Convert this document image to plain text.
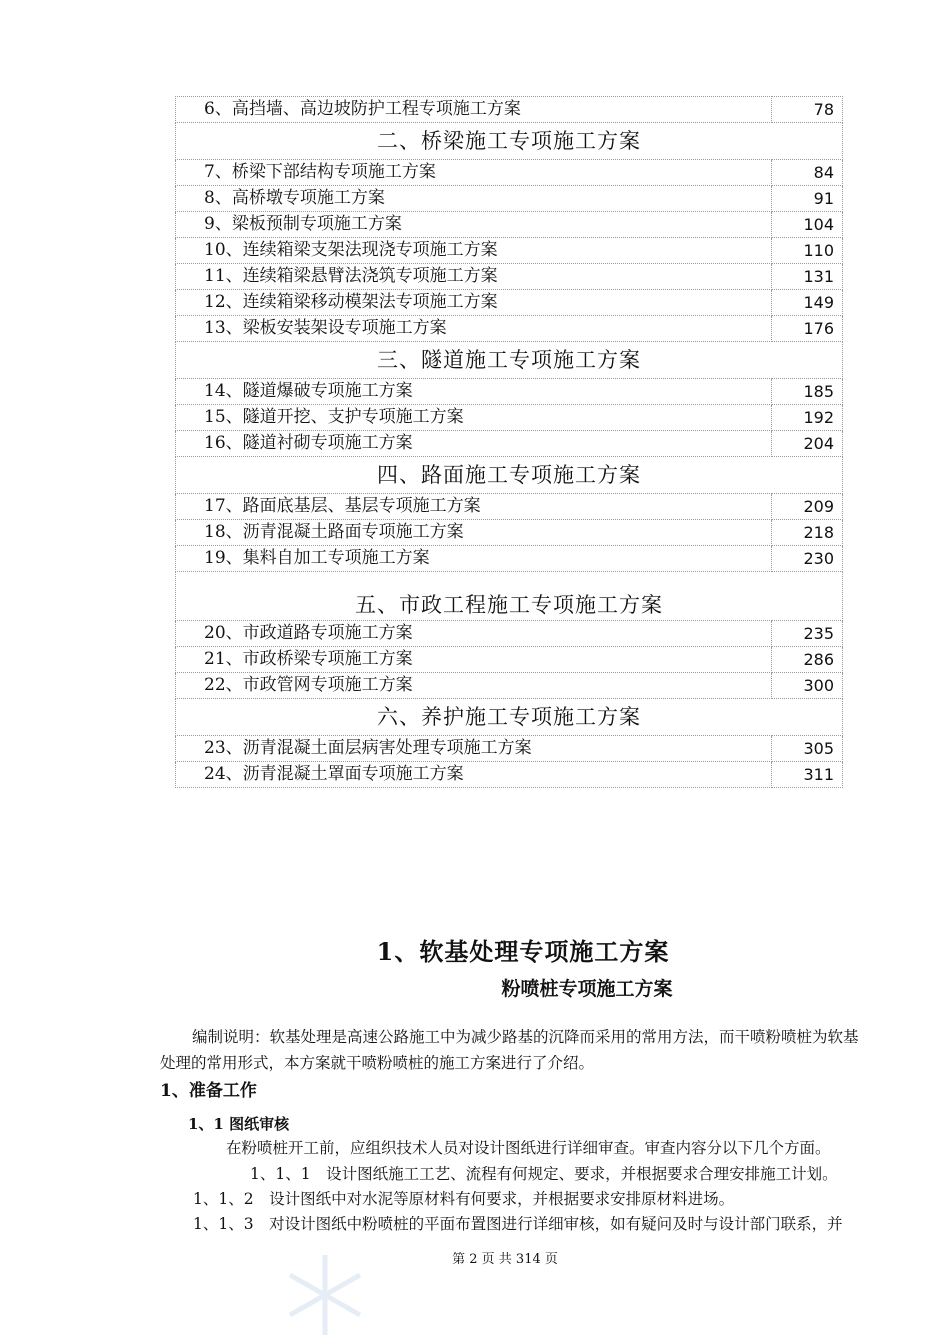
6、高挡墙、高边坡防护工程专项施工方案	78
二、桥梁施工专项施工方案	
7、桥梁下部结构专项施工方案	84
8、高桥墩专项施工方案	91
9、梁板预制专项施工方案	104
10、连续箱梁支架法现浇专项施工方案	110
11、连续箱梁悬臂法浇筑专项施工方案	131
12、连续箱梁移动模架法专项施工方案	149
13、梁板安装架设专项施工方案	176
三、隧道施工专项施工方案	
14、隧道爆破专项施工方案	185
15、隧道开挖、支护专项施工方案	192
16、隧道衬砌专项施工方案	204
四、路面施工专项施工方案	
17、路面底基层、基层专项施工方案	209
18、沥青混凝土路面专项施工方案	218
19、集料自加工专项施工方案	230
五、市政工程施工专项施工方案	
20、市政道路专项施工方案	235
21、市政桥梁专项施工方案	286
22、市政管网专项施工方案	300
六、养护施工专项施工方案	
23、沥青混凝土面层病害处理专项施工方案	305
24、沥青混凝土罩面专项施工方案	311
1、软基处理专项施工方案
粉喷桩专项施工方案
编制说明：软基处理是高速公路施工中为减少路基的沉降而采用的常用方法，而干喷粉喷桩为软基处理的常用形式，本方案就干喷粉喷桩的施工方案进行了介绍。
1、准备工作
1、1 图纸审核
在粉喷桩开工前，应组织技术人员对设计图纸进行详细审查。审查内容分以下几个方面。
1、1、1　设计图纸施工工艺、流程有何规定、要求，并根据要求合理安排施工计划。
1、1、2　设计图纸中对水泥等原材料有何要求，并根据要求安排原材料进场。
1、1、3　对设计图纸中粉喷桩的平面布置图进行详细审核，如有疑问及时与设计部门联系，并
第 2 页 共 314 页
